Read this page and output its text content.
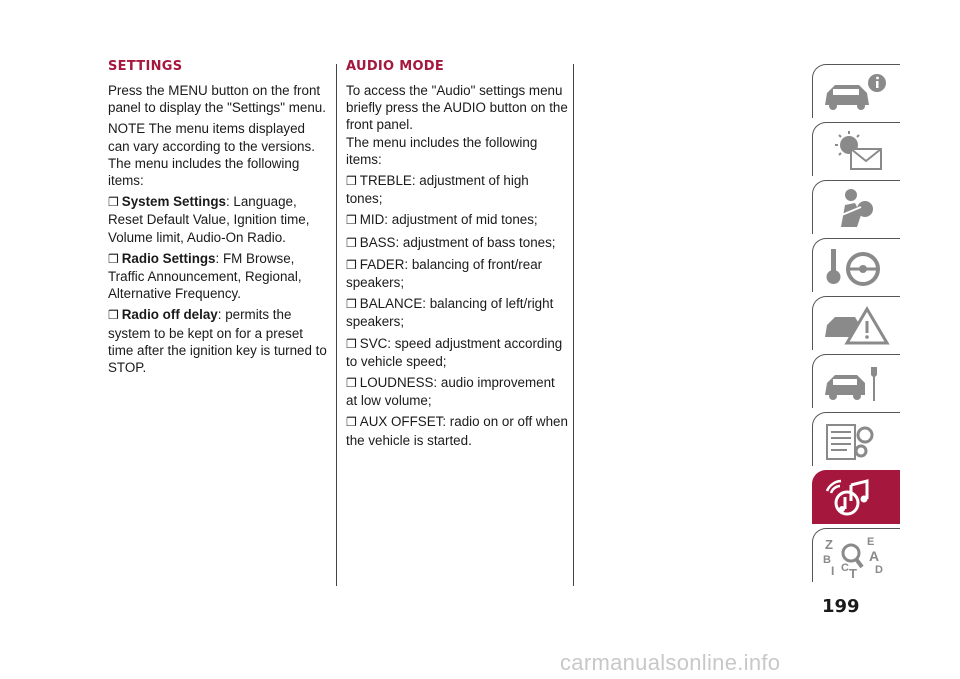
SETTINGS
Press the MENU button on the front panel to display the "Settings" menu.
NOTE The menu items displayed can vary according to the versions.
The menu includes the following items:
❒ System Settings: Language, Reset Default Value, Ignition time, Volume limit, Audio-On Radio.
❒ Radio Settings: FM Browse, Traffic Announcement, Regional, Alternative Frequency.
❒ Radio off delay: permits the system to be kept on for a preset time after the ignition key is turned to STOP.
AUDIO MODE
To access the "Audio" settings menu briefly press the AUDIO button on the front panel.
The menu includes the following items:
❒ TREBLE: adjustment of high tones;
❒ MID: adjustment of mid tones;
❒ BASS: adjustment of bass tones;
❒ FADER: balancing of front/rear speakers;
❒ BALANCE: balancing of left/right speakers;
❒ SVC: speed adjustment according to vehicle speed;
❒ LOUDNESS: audio improvement at low volume;
❒ AUX OFFSET: radio on or off when the vehicle is started.
Z	E
B	A
C D
T
I
199
carmanualsonline.info
